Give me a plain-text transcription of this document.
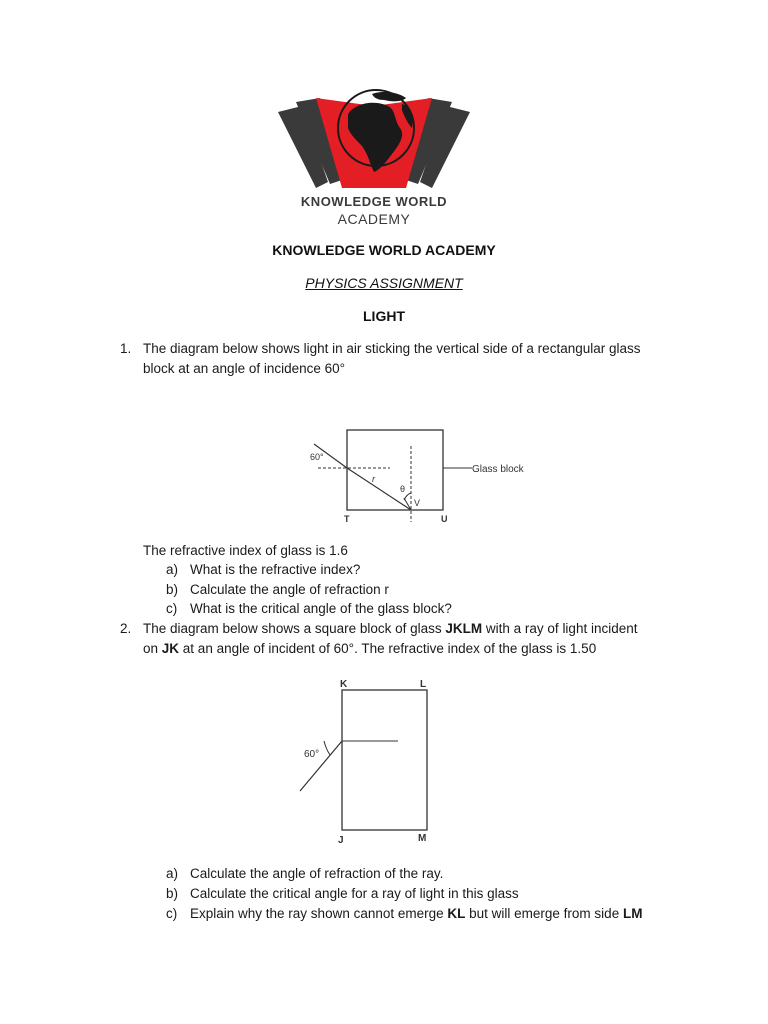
KNOWLEDGE WORLD
ACADEMY
KNOWLEDGE WORLD ACADEMY
PHYSICS ASSIGNMENT
LIGHT
1. The diagram below shows light in air sticking the vertical side of a rectangular glass
block at an angle of incidence 60°
60°
r
θ
V
T	U
Glass block
The refractive index of glass is 1.6
a) What is the refractive index?
b) Calculate the angle of refraction r
c) What is the critical angle of the glass block?
2. The diagram below shows a square block of glass JKLM with a ray of light incident
on JK at an angle of incident of 60°. The refractive index of the glass is 1.50
K	L
J	M
60°
a) Calculate the angle of refraction of the ray.
b) Calculate the critical angle for a ray of light in this glass
c) Explain why the ray shown cannot emerge KL but will emerge from side LM
